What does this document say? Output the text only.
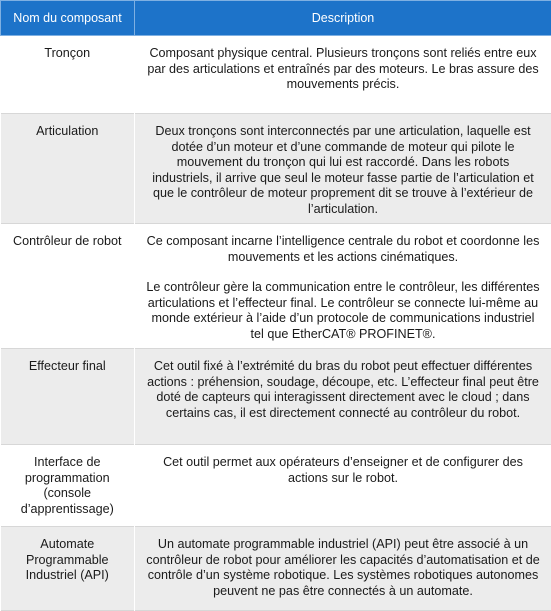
Nom du composant	Description
Tronçon	Composant physique central. Plusieurs tronçons sont reliés entre eux par des articulations et entraînés par des moteurs. Le bras assure des mouvements précis.

Articulation	Deux tronçons sont interconnectés par une articulation, laquelle est dotée d’un moteur et d’une commande de moteur qui pilote le mouvement du tronçon qui lui est raccordé. Dans les robots industriels, il arrive que seul le moteur fasse partie de l’articulation et que le contrôleur de moteur proprement dit se trouve à l’extérieur de l’articulation.

Contrôleur de robot	Ce composant incarne l’intelligence centrale du robot et coordonne les mouvements et les actions cinématiques.

Le contrôleur gère la communication entre le contrôleur, les différentes articulations et l’effecteur final. Le contrôleur se connecte lui-même au monde extérieur à l’aide d’un protocole de communications industriel tel que EtherCAT® PROFINET®.

Effecteur final	Cet outil fixé à l’extrémité du bras du robot peut effectuer différentes actions : préhension, soudage, découpe, etc. L’effecteur final peut être doté de capteurs qui interagissent directement avec le cloud ; dans certains cas, il est directement connecté au contrôleur du robot.

Interface de programmation (console d’apprentissage)	Cet outil permet aux opérateurs d’enseigner et de configurer des actions sur le robot.

Automate Programmable Industriel (API)	Un automate programmable industriel (API) peut être associé à un contrôleur de robot pour améliorer les capacités d’automatisation et de contrôle d’un système robotique. Les systèmes robotiques autonomes peuvent ne pas être connectés à un automate.
